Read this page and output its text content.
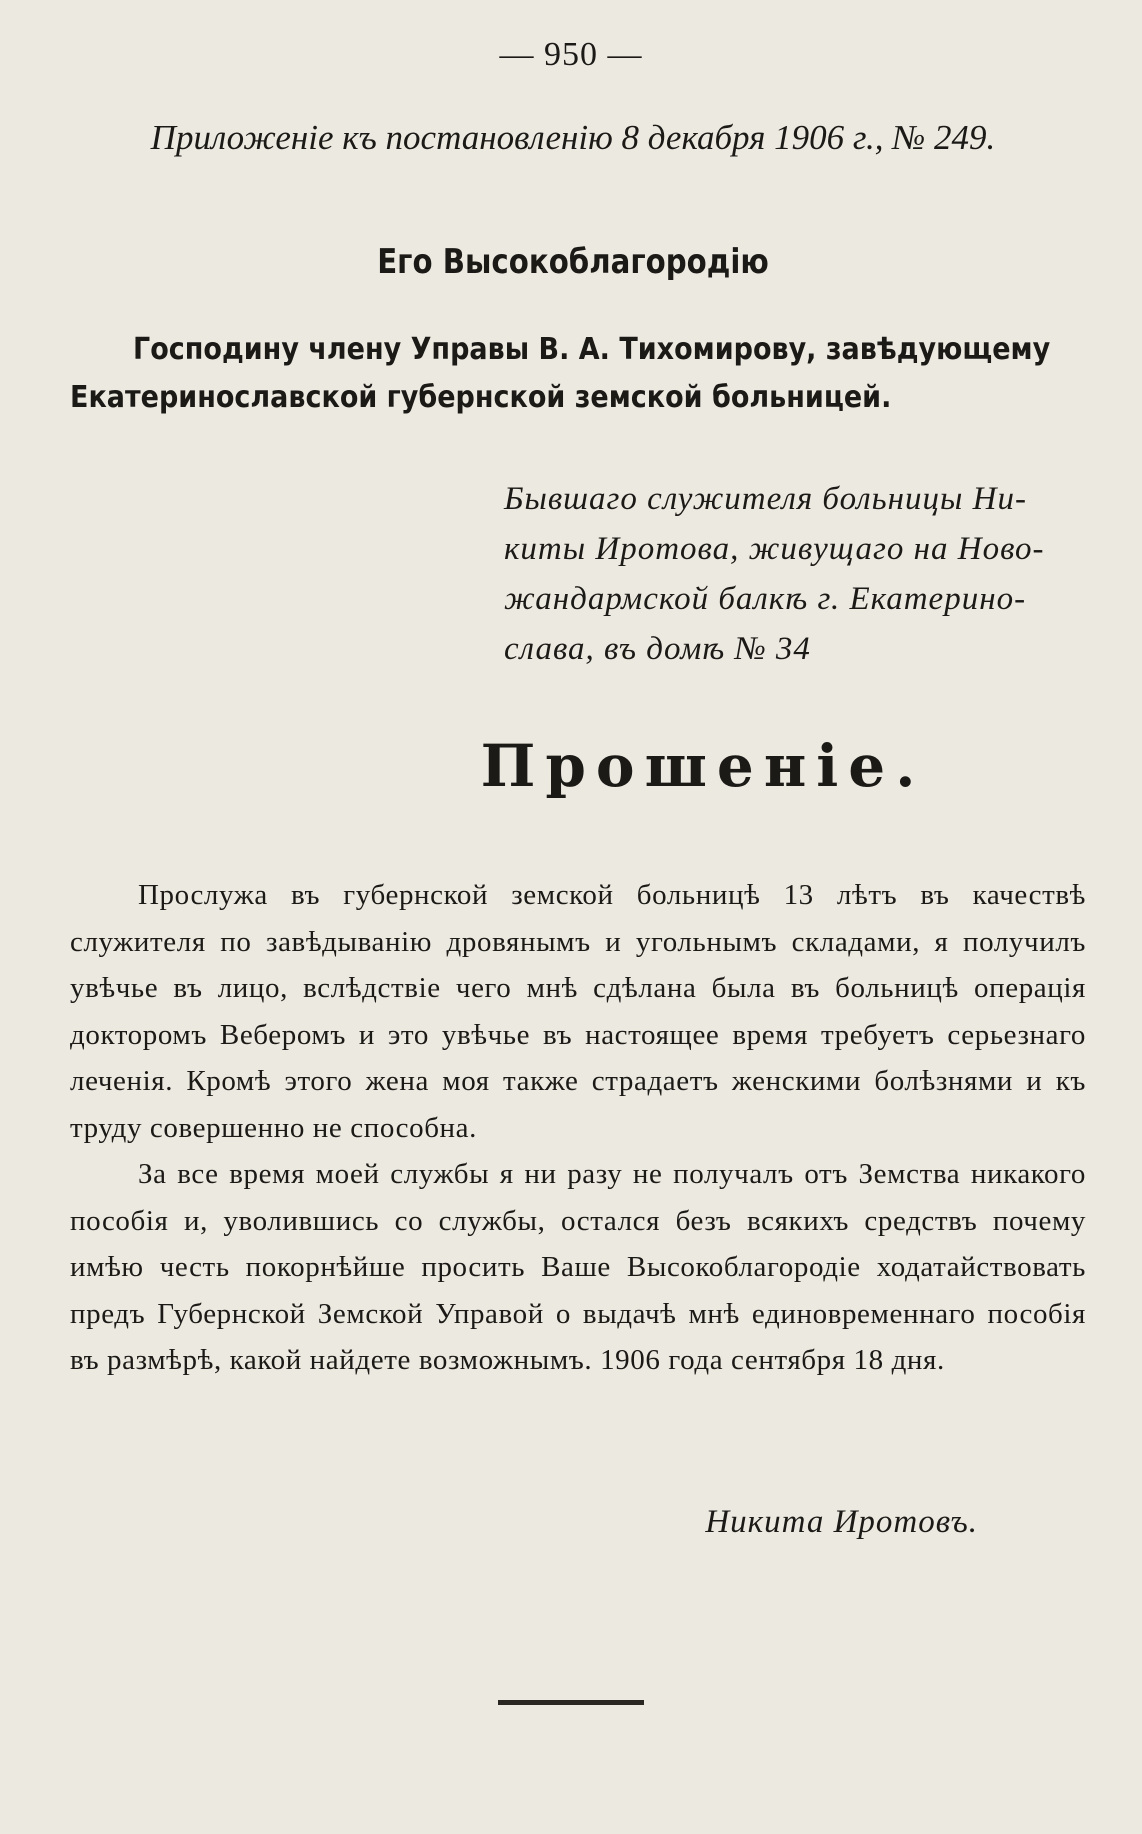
— 950 —
Приложеніе къ постановленію 8 декабря 1906 г., № 249.
Его Высокоблагородію

Господину члену Управы В. А. Тихомирову, завѣдующему

Екатеринославской губернской земской больницей.

Бывшаго служителя больницы Ни-

киты Иротова, живущаго на Ново-

жандармской балкѣ г. Екатерино-

слава, въ домѣ № 34

Прошеніе.

Прослужа въ губернской земской больницѣ 13 лѣтъ въ качествѣ служителя по завѣдыванію дровянымъ и угольнымъ складами, я получилъ увѣчье въ лицо, вслѣдствіе чего мнѣ сдѣлана была въ больницѣ операція докторомъ Веберомъ и это увѣчье въ настоящее время требуетъ серьезнаго леченія. Кромѣ этого жена моя также страдаетъ женскими болѣзнями и къ труду совершенно не способна.

За все время моей службы я ни разу не получалъ отъ Земства никакого пособія и, уволившись со службы, остался безъ всякихъ средствъ почему имѣю честь покорнѣйше просить Ваше Высокоблагородіе ходатайствовать предъ Губернской Земской Управой о выдачѣ мнѣ единовременнаго пособія въ размѣрѣ, какой найдете возможнымъ. 1906 года сентября 18 дня.

Никита Иротовъ.
